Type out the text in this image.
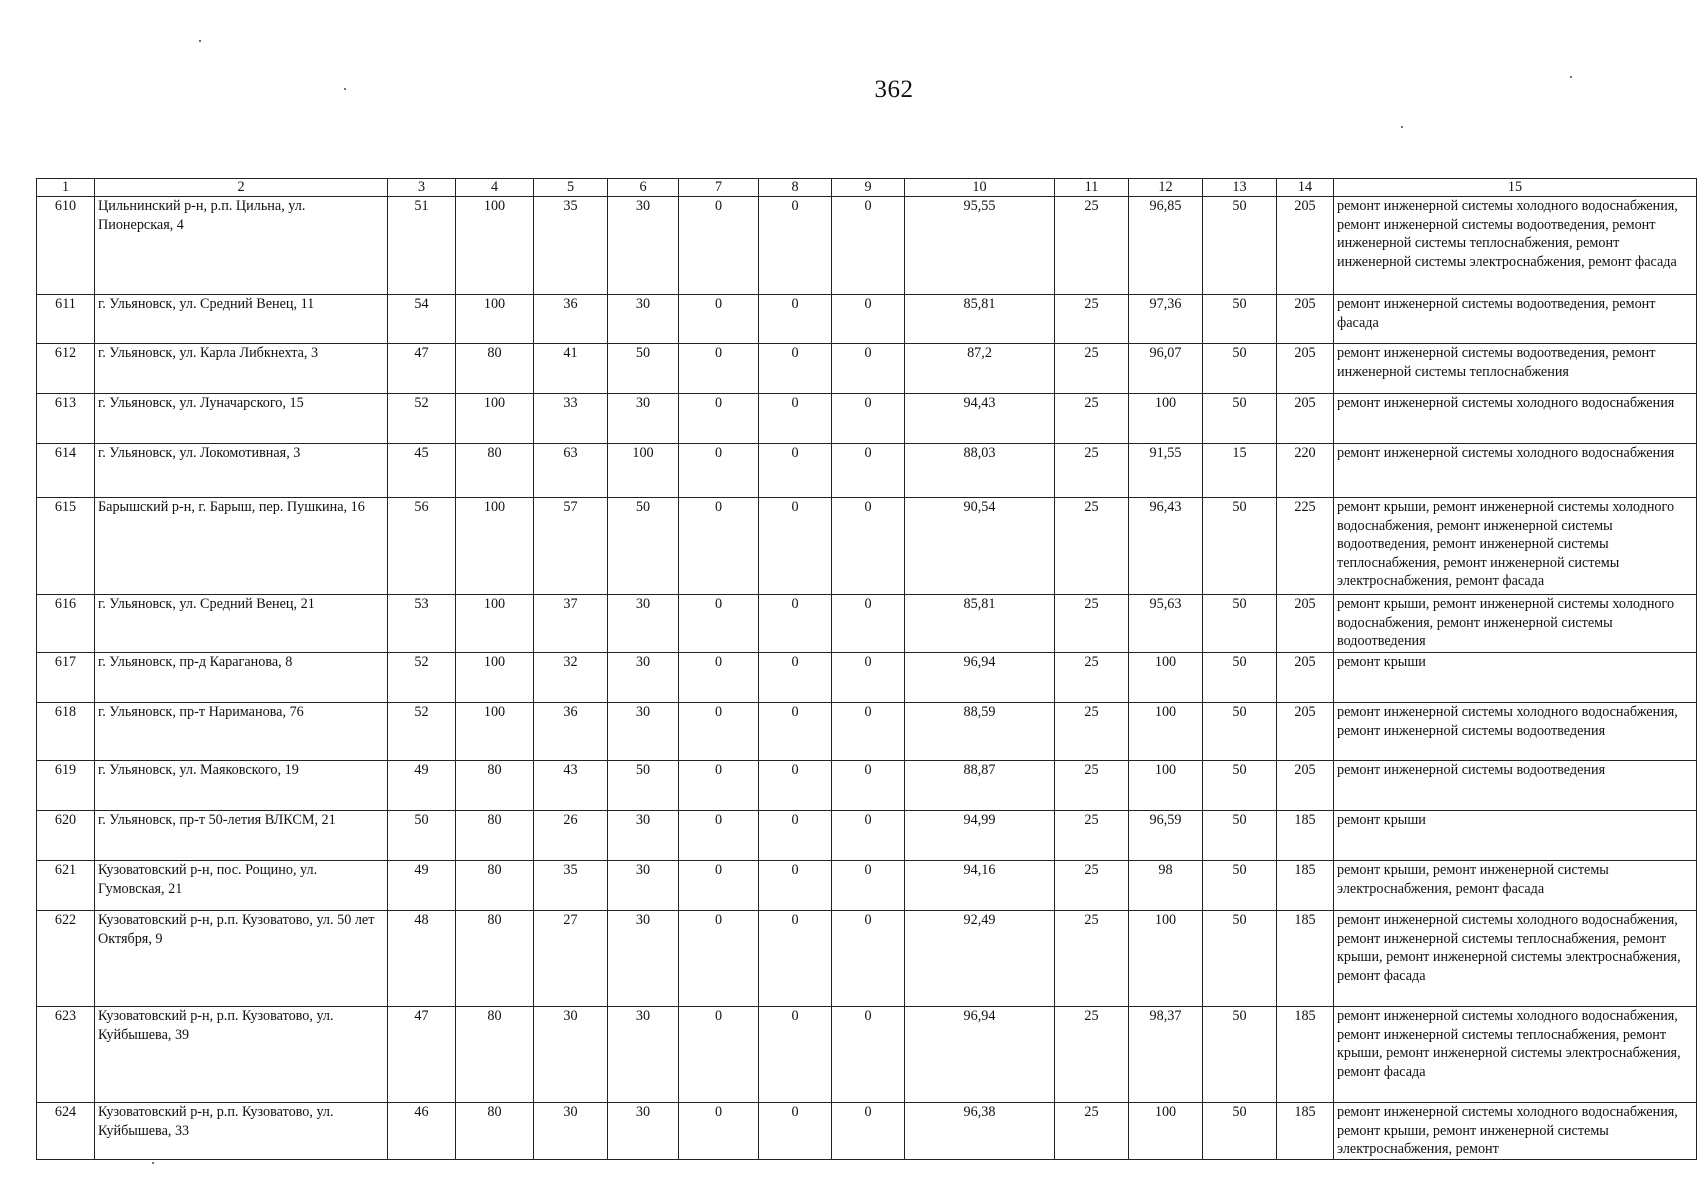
362
1	2	3	4	5	6	7	8	9	10	11	12	13	14	15
610	Цильнинский р-н, р.п. Цильна, ул. Пионерская, 4	51	100	35	30	0	0	0	95,55	25	96,85	50	205	ремонт инженерной системы холодного водоснабжения, ремонт инженерной системы водоотведения, ремонт инженерной системы теплоснабжения, ремонт инженерной системы электроснабжения, ремонт фасада
611	г. Ульяновск, ул. Средний Венец, 11	54	100	36	30	0	0	0	85,81	25	97,36	50	205	ремонт инженерной системы водоотведения, ремонт фасада
612	г. Ульяновск, ул. Карла Либкнехта, 3	47	80	41	50	0	0	0	87,2	25	96,07	50	205	ремонт инженерной системы водоотведения, ремонт инженерной системы теплоснабжения
613	г. Ульяновск, ул. Луначарского, 15	52	100	33	30	0	0	0	94,43	25	100	50	205	ремонт инженерной системы холодного водоснабжения
614	г. Ульяновск, ул. Локомотивная, 3	45	80	63	100	0	0	0	88,03	25	91,55	15	220	ремонт инженерной системы холодного водоснабжения
615	Барышский р-н, г. Барыш, пер. Пушкина, 16	56	100	57	50	0	0	0	90,54	25	96,43	50	225	ремонт крыши, ремонт инженерной системы холодного водоснабжения, ремонт инженерной системы водоотведения, ремонт инженерной системы теплоснабжения, ремонт инженерной системы электроснабжения, ремонт фасада
616	г. Ульяновск, ул. Средний Венец, 21	53	100	37	30	0	0	0	85,81	25	95,63	50	205	ремонт крыши, ремонт инженерной системы холодного водоснабжения, ремонт инженерной системы водоотведения
617	г. Ульяновск, пр-д Караганова, 8	52	100	32	30	0	0	0	96,94	25	100	50	205	ремонт крыши
618	г. Ульяновск, пр-т Нариманова, 76	52	100	36	30	0	0	0	88,59	25	100	50	205	ремонт инженерной системы холодного водоснабжения, ремонт инженерной системы водоотведения
619	г. Ульяновск, ул. Маяковского, 19	49	80	43	50	0	0	0	88,87	25	100	50	205	ремонт инженерной системы водоотведения
620	г. Ульяновск, пр-т 50-летия ВЛКСМ, 21	50	80	26	30	0	0	0	94,99	25	96,59	50	185	ремонт крыши
621	Кузоватовский р-н, пос. Рощино, ул. Гумовская, 21	49	80	35	30	0	0	0	94,16	25	98	50	185	ремонт крыши, ремонт инженерной системы электроснабжения, ремонт фасада
622	Кузоватовский р-н, р.п. Кузоватово, ул. 50 лет Октября, 9	48	80	27	30	0	0	0	92,49	25	100	50	185	ремонт инженерной системы холодного водоснабжения, ремонт инженерной системы теплоснабжения, ремонт крыши, ремонт инженерной системы электроснабжения, ремонт фасада
623	Кузоватовский р-н, р.п. Кузоватово, ул. Куйбышева, 39	47	80	30	30	0	0	0	96,94	25	98,37	50	185	ремонт инженерной системы холодного водоснабжения, ремонт инженерной системы теплоснабжения, ремонт крыши, ремонт инженерной системы электроснабжения, ремонт фасада
624	Кузоватовский р-н, р.п. Кузоватово, ул. Куйбышева, 33	46	80	30	30	0	0	0	96,38	25	100	50	185	ремонт инженерной системы холодного водоснабжения, ремонт крыши, ремонт инженерной системы электроснабжения, ремонт
